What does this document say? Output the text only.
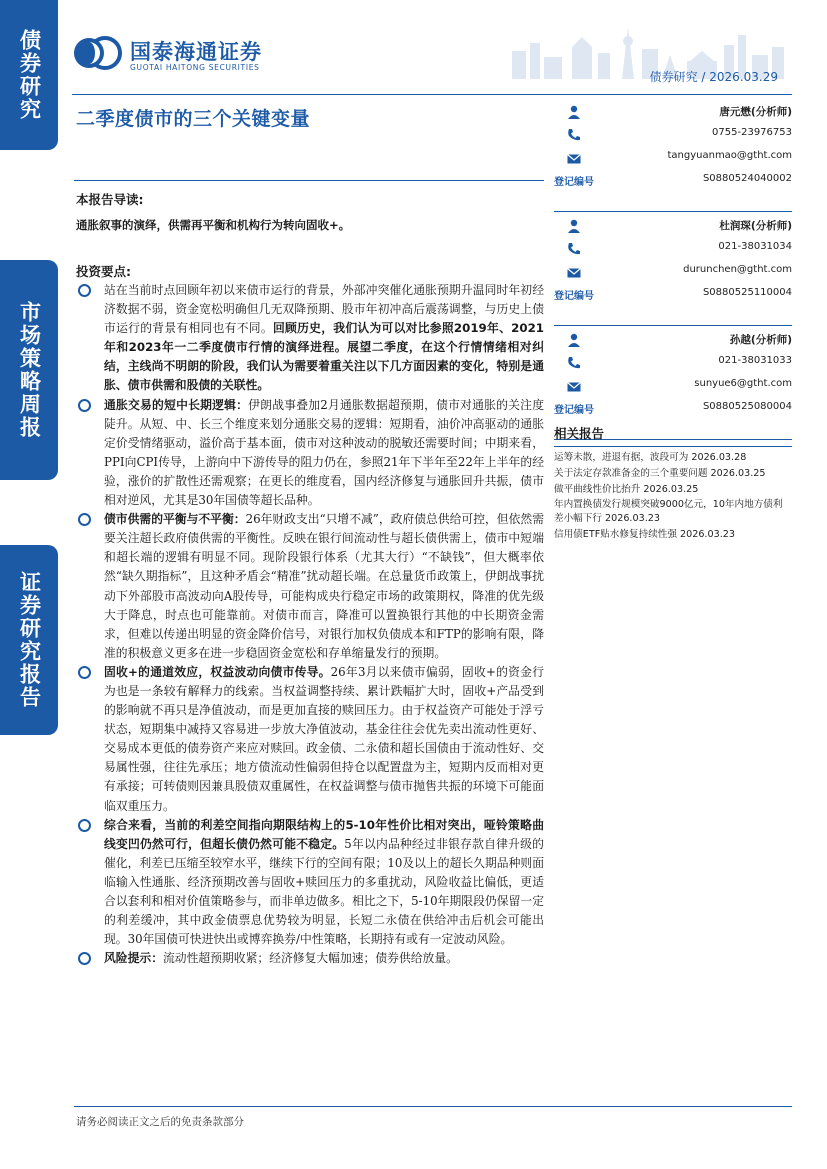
债券研究
市场策略周报
证券研究报告
国泰海通证券
GUOTAI HAITONG SECURITIES
债券研究 / 2026.03.29
二季度债市的三个关键变量
本报告导读:
通胀叙事的演绎，供需再平衡和机构行为转向固收+。
投资要点:
站在当前时点回顾年初以来债市运行的背景，外部冲突催化通胀预期升温同时年初经济数据不弱，资金宽松明确但几无双降预期、股市年初冲高后震荡调整，与历史上债市运行的背景有相同也有不同。回顾历史，我们认为可以对比参照2019年、2021年和2023年一二季度债市行情的演绎进程。展望二季度，在这个行情情绪相对纠结，主线尚不明朗的阶段，我们认为需要着重关注以下几方面因素的变化，特别是通胀、债市供需和股债的关联性。
通胀交易的短中长期逻辑：伊朗战事叠加2月通胀数据超预期，债市对通胀的关注度陡升。从短、中、长三个维度来划分通胀交易的逻辑：短期看，油价冲高驱动的通胀定价受情绪驱动，溢价高于基本面，债市对这种波动的脱敏还需要时间；中期来看，PPI向CPI传导，上游向中下游传导的阻力仍在，参照21年下半年至22年上半年的经验，涨价的扩散性还需观察；在更长的维度看，国内经济修复与通胀回升共振，债市相对逆风，尤其是30年国债等超长品种。
债市供需的平衡与不平衡：26年财政支出“只增不减”，政府债总供给可控，但依然需要关注超长政府债供需的平衡性。反映在银行间流动性与超长债供需上，债市中短端和超长端的逻辑有明显不同。现阶段银行体系（尤其大行）“不缺钱”，但大概率依然“缺久期指标”，且这种矛盾会“精准”扰动超长端。在总量货币政策上，伊朗战事扰动下外部股市高波动向A股传导，可能构成央行稳定市场的政策期权，降准的优先级大于降息，时点也可能靠前。对债市而言，降准可以置换银行其他的中长期资金需求，但难以传递出明显的资金降价信号，对银行加权负债成本和FTP的影响有限，降准的积极意义更多在进一步稳固资金宽松和存单缩量发行的预期。
固收+的通道效应，权益波动向债市传导。26年3月以来债市偏弱，固收+的资金行为也是一条较有解释力的线索。当权益调整持续、累计跌幅扩大时，固收+产品受到的影响就不再只是净值波动，而是更加直接的赎回压力。由于权益资产可能处于浮亏状态，短期集中减持又容易进一步放大净值波动，基金往往会优先卖出流动性更好、交易成本更低的债券资产来应对赎回。政金债、二永债和超长国债由于流动性好、交易属性强，往往先承压；地方债流动性偏弱但持仓以配置盘为主，短期内反而相对更有承接；可转债则因兼具股债双重属性，在权益调整与债市抛售共振的环境下可能面临双重压力。
综合来看，当前的利差空间指向期限结构上的5-10年性价比相对突出，哑铃策略曲线变凹仍然可行，但超长债仍然可能不稳定。5年以内品种经过非银存款自律升级的催化，利差已压缩至较窄水平，继续下行的空间有限；10及以上的超长久期品种则面临输入性通胀、经济预期改善与固收+赎回压力的多重扰动，风险收益比偏低，更适合以套利和相对价值策略参与，而非单边做多。相比之下，5-10年期限段仍保留一定的利差缓冲，其中政金债票息优势较为明显，长短二永债在供给冲击后机会可能出现。30年国债可快进快出或博弈换券/中性策略，长期持有或有一定波动风险。
风险提示：流动性超预期收紧；经济修复大幅加速；债券供给放量。
请务必阅读正文之后的免责条款部分
唐元懋(分析师)
0755-23976753
tangyuanmao@gtht.com
登记编号	S0880524040002
杜润琛(分析师)
021-38031034
durunchen@gtht.com
登记编号	S0880525110004
孙越(分析师)
021-38031033
sunyue6@gtht.com
登记编号	S0880525080004
相关报告
运筹未散，进退有据，波段可为 2026.03.28
关于法定存款准备金的三个重要问题 2026.03.25
做平曲线性价比抬升 2026.03.25
年内置换债发行规模突破9000亿元，10年内地方债利差小幅下行 2026.03.23
信用债ETF贴水修复持续性强 2026.03.23
